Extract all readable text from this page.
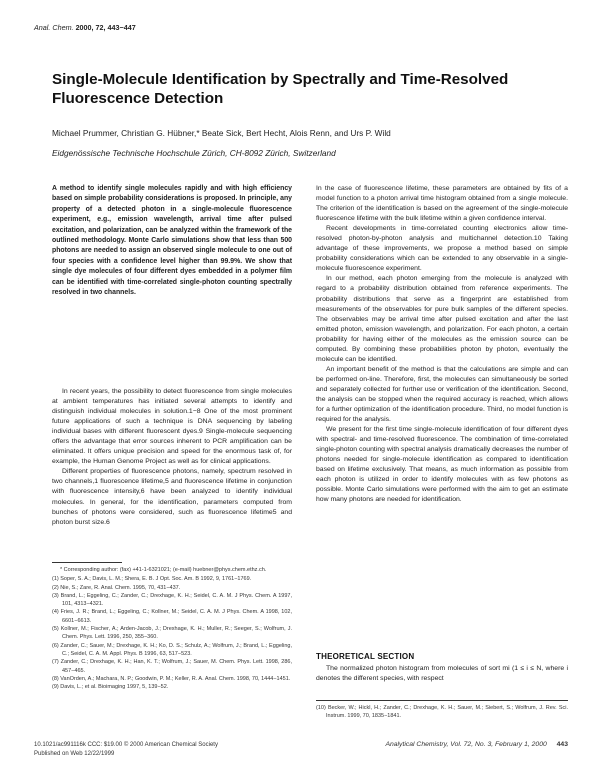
Anal. Chem. 2000, 72, 443−447
Single-Molecule Identification by Spectrally and Time-Resolved Fluorescence Detection
Michael Prummer, Christian G. Hübner,* Beate Sick, Bert Hecht, Alois Renn, and Urs P. Wild
Eidgenössische Technische Hochschule Zürich, CH-8092 Zürich, Switzerland
A method to identify single molecules rapidly and with high efficiency based on simple probability considerations is proposed. In principle, any property of a detected photon in a single-molecule fluorescence experiment, e.g., emission wavelength, arrival time after pulsed excitation, and polarization, can be analyzed within the framework of the outlined methodology. Monte Carlo simulations show that less than 500 photons are needed to assign an observed single molecule to one out of four species with a confidence level higher than 99.9%. We show that single dye molecules of four different dyes embedded in a polymer film can be identified with time-correlated single-photon counting spectrally resolved in two channels.

In recent years, the possibility to detect fluorescence from single molecules at ambient temperatures has initiated several attempts to identify and distinguish individual molecules in solution.1−8 One of the most prominent future applications of such a technique is DNA sequencing by labeling individual bases with different fluorescent dyes.9 Single-molecule sequencing offers the advantage that error sources inherent to PCR amplification can be eliminated. It offers unique precision and speed for the enormous task of, for example, the Human Genome Project as well as for clinical applications.

Different properties of fluorescence photons, namely, spectrum resolved in two channels,1 fluorescence lifetime,5 and fluorescence lifetime in conjunction with fluorescence intensity,6 have been analyzed to identify individual molecules. In general, for the identification, parameters computed from bunches of photons were considered, such as fluorescence lifetime5 and photon burst size.6

* Corresponding author: (fax) +41-1-6321021; (e-mail) huebner@phys.chem.ethz.ch.
(1) Soper, S. A.; Davis, L. M.; Shera, E. B. J Opt. Soc. Am. B 1992, 9, 1761−1769.
(2) Nie, S.; Zare, R. Anal. Chem. 1995, 70, 431−437.
(3) Brand, L.; Eggeling, C.; Zander, C.; Drexhage, K. H.; Seidel, C. A. M. J Phys. Chem. A 1997, 101, 4313−4321.
(4) Fries, J. R.; Brand, L.; Eggeling, C.; Kollner, M.; Seidel, C. A. M. J Phys. Chem. A 1998, 102, 6601−6613.
(5) Kollner, M.; Fischer, A.; Arden-Jacob, J.; Drexhage, K. H.; Muller, R.; Seeger, S.; Wolfrum, J. Chem. Phys. Lett. 1996, 250, 355−360.
(6) Zander, C.; Sauer, M.; Drexhage, K. H.; Ko, D. S.; Schulz, A.; Wolfrum, J.; Brand, L.; Eggeling, C.; Seidel, C. A. M. Appl. Phys. B 1996, 63, 517−523.
(7) Zander, C.; Drexhage, K. H.; Han, K. T.; Wolfrum, J.; Sauer, M. Chem. Phys. Lett. 1998, 286, 457−465.
(8) VanOrden, A.; Machara, N. P.; Goodwin, P. M.; Keller, R. A. Anal. Chem. 1998, 70, 1444−1451.
(9) Davis, L.; et al. Bioimaging 1997, 5, 139−52.

In the case of fluorescence lifetime, these parameters are obtained by fits of a model function to a photon arrival time histogram obtained from a single molecule. The criterion of the identification is based on the agreement of the single-molecule fluorescence lifetime with the bulk lifetime within a given confidence interval.

Recent developments in time-correlated counting electronics allow time-resolved photon-by-photon analysis and multichannel detection.10 Taking advantage of these improvements, we propose a method based on simple probability considerations which can be extended to any observable in a single-molecule fluorescence experiment.

In our method, each photon emerging from the molecule is analyzed with regard to a probability distribution obtained from reference experiments. The probability distributions that serve as a fingerprint are established from measurements of the observables for pure bulk samples of the different species. The observables may be arrival time after pulsed excitation and after the last emitted photon, emission wavelength, and polarization. For each photon, a certain probability for having either of the molecules as the emission source can be computed. By combining these probabilities photon by photon, eventually the molecule can be identified.

An important benefit of the method is that the calculations are simple and can be performed on-line. Therefore, first, the molecules can simultaneously be sorted and separately collected for further use or verification of the identification. Second, the analysis can be stopped when the required accuracy is reached, which allows for a further optimization of the identification procedure. Third, no model function is required for the analysis.

We present for the first time single-molecule identification of four different dyes with spectral- and time-resolved fluorescence. The combination of time-correlated single-photon counting with spectral analysis dramatically decreases the number of photons needed for single-molecule identification as compared to identification based on lifetime exclusively. That means, as much information as possible from each photon is utilized in order to identify molecules with as few photons as possible. Monte Carlo simulations were performed with the aim to get an estimate how many photons are needed for identification.

THEORETICAL SECTION

The normalized photon histogram from molecules of sort mi (1 ≤ i ≤ N, where i denotes the different species, with respect

(10) Becker, W.; Hickl, H.; Zander, C.; Drexhage, K. H.; Sauer, M.; Siebert, S.; Wolfrum, J. Rev. Sci. Instrum. 1999, 70, 1835−1841.
10.1021/ac991116k CCC: $19.00 © 2000 American Chemical Society
Published on Web 12/22/1999
Analytical Chemistry, Vol. 72, No. 3, February 1, 2000 443
